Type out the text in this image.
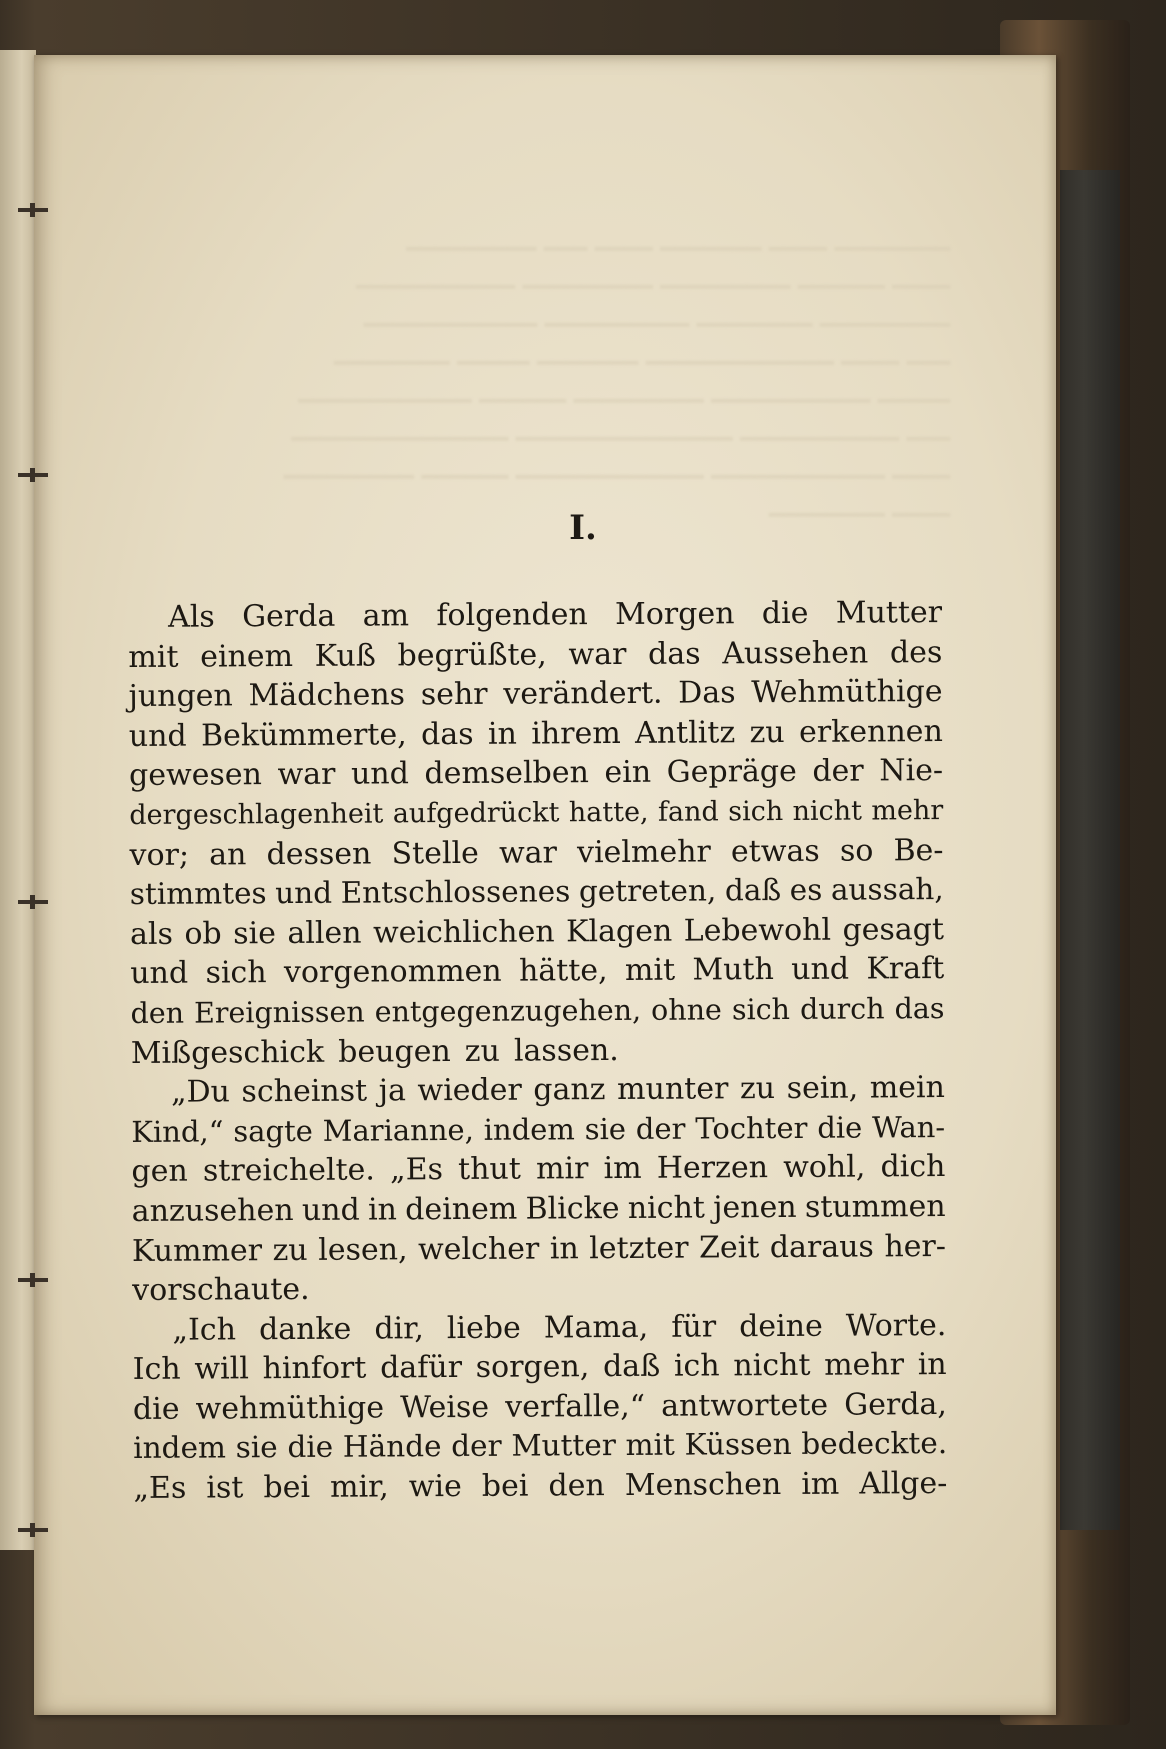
━━━━━━━━ ━━━━ ━━━━━━━ ━━━━ ━━━ ━━━━━━━━━
━━━━ ━━━━━━ ━━━━━━━━━ ━━━━━━━━━ ━━━━━━━━━━━
━━━━━━━━━ ━━━━━━━━ ━━━━━━━━━━ ━━━━━━━━━━━━
━━━ ━━━━ ━━━━━━━━━━━━━ ━━━━━━━ ━━━━━ ━━━━━━━━
━━━━━ ━━━━━━━━━━━ ━━━━━━━━━ ━━━━━━ ━━━━━━━━━━━━
━━━ ━━━━━━━━━━━ ━━━━━━━━━━━━━━━ ━━━━━━━━━━━━━━━
━━━━ ━━━━━━━━━━━━ ━━━━━━━━━━━━━ ━━━━━━ ━━━━━━━━━
━━━━ ━━━━━━━━
I.
Als Gerda am folgenden Morgen die Mutter
mit einem Kuß begrüßte, war das Aussehen des
jungen Mädchens sehr verändert. Das Wehmüthige
und Bekümmerte, das in ihrem Antlitz zu erkennen
gewesen war und demselben ein Gepräge der Nie-
dergeschlagenheit aufgedrückt hatte, fand sich nicht mehr
vor; an dessen Stelle war vielmehr etwas so Be-
stimmtes und Entschlossenes getreten, daß es aussah,
als ob sie allen weichlichen Klagen Lebewohl gesagt
und sich vorgenommen hätte, mit Muth und Kraft
den Ereignissen entgegenzugehen, ohne sich durch das
Mißgeschick beugen zu lassen.
„Du scheinst ja wieder ganz munter zu sein, mein
Kind,“ sagte Marianne, indem sie der Tochter die Wan-
gen streichelte. „Es thut mir im Herzen wohl, dich
anzusehen und in deinem Blicke nicht jenen stummen
Kummer zu lesen, welcher in letzter Zeit daraus her-
vorschaute.
„Ich danke dir, liebe Mama, für deine Worte.
Ich will hinfort dafür sorgen, daß ich nicht mehr in
die wehmüthige Weise verfalle,“ antwortete Gerda,
indem sie die Hände der Mutter mit Küssen bedeckte.
„Es ist bei mir, wie bei den Menschen im Allge-
